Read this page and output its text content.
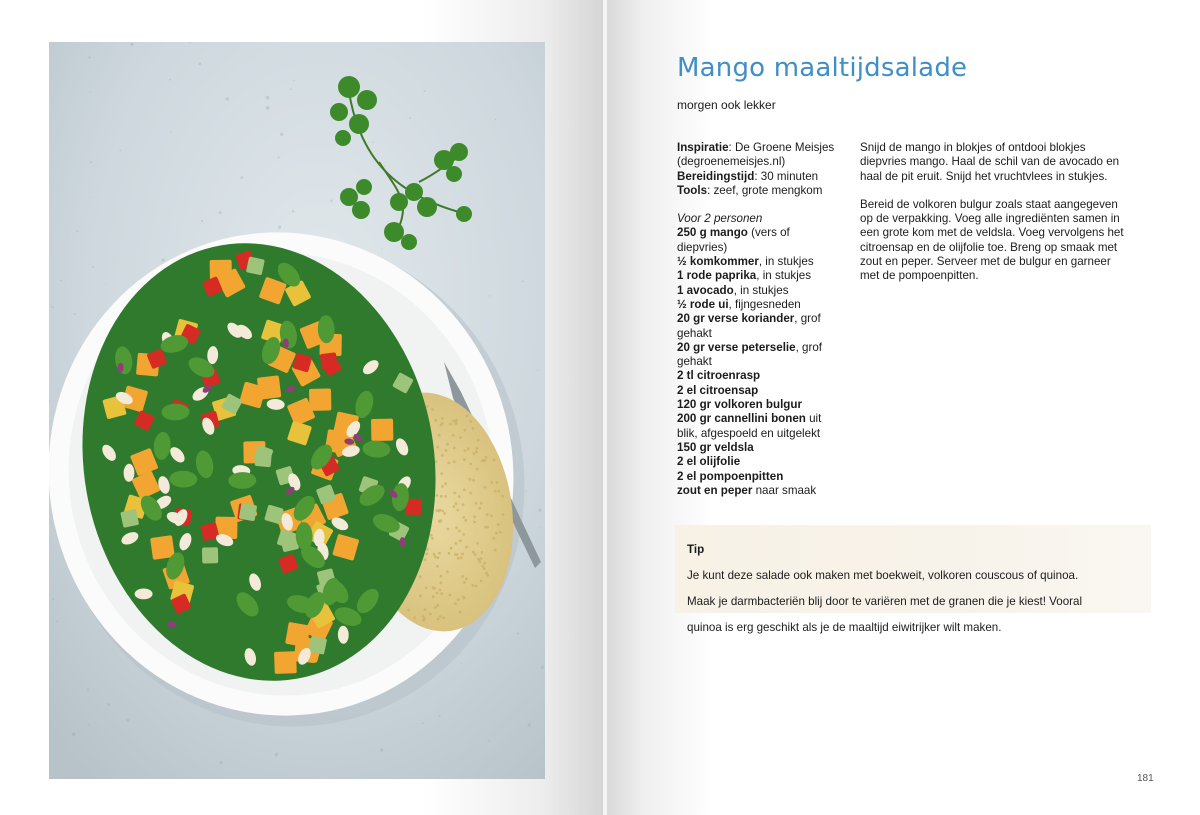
Mango maaltijdsalade

morgen ook lekker

Inspiratie: De Groene Meisjes

(degroenemeisjes.nl)

Bereidingstijd: 30 minuten

Tools: zeef, grote mengkom

Voor 2 personen

250 g mango (vers of

diepvries)

½ komkommer, in stukjes

1 rode paprika, in stukjes

1 avocado, in stukjes

½ rode ui, fijngesneden

20 gr verse koriander, grof

gehakt

20 gr verse peterselie, grof

gehakt

2 tl citroenrasp

2 el citroensap

120 gr volkoren bulgur

200 gr cannellini bonen uit

blik, afgespoeld en uitgelekt

150 gr veldsla

2 el olijfolie

2 el pompoenpitten

zout en peper naar smaak

Snijd de mango in blokjes of ontdooi blokjes

diepvries mango. Haal de schil van de avocado en

haal de pit eruit. Snijd het vruchtvlees in stukjes.

Bereid de volkoren bulgur zoals staat aangegeven

op de verpakking. Voeg alle ingrediënten samen in

een grote kom met de veldsla. Voeg vervolgens het

citroensap en de olijfolie toe. Breng op smaak met

zout en peper. Serveer met de bulgur en garneer

met de pompoenpitten.

Tip

Je kunt deze salade ook maken met boekweit, volkoren couscous of quinoa.

Maak je darmbacteriën blij door te variëren met de granen die je kiest! Vooral

quinoa is erg geschikt als je de maaltijd eiwitrijker wilt maken.

181
